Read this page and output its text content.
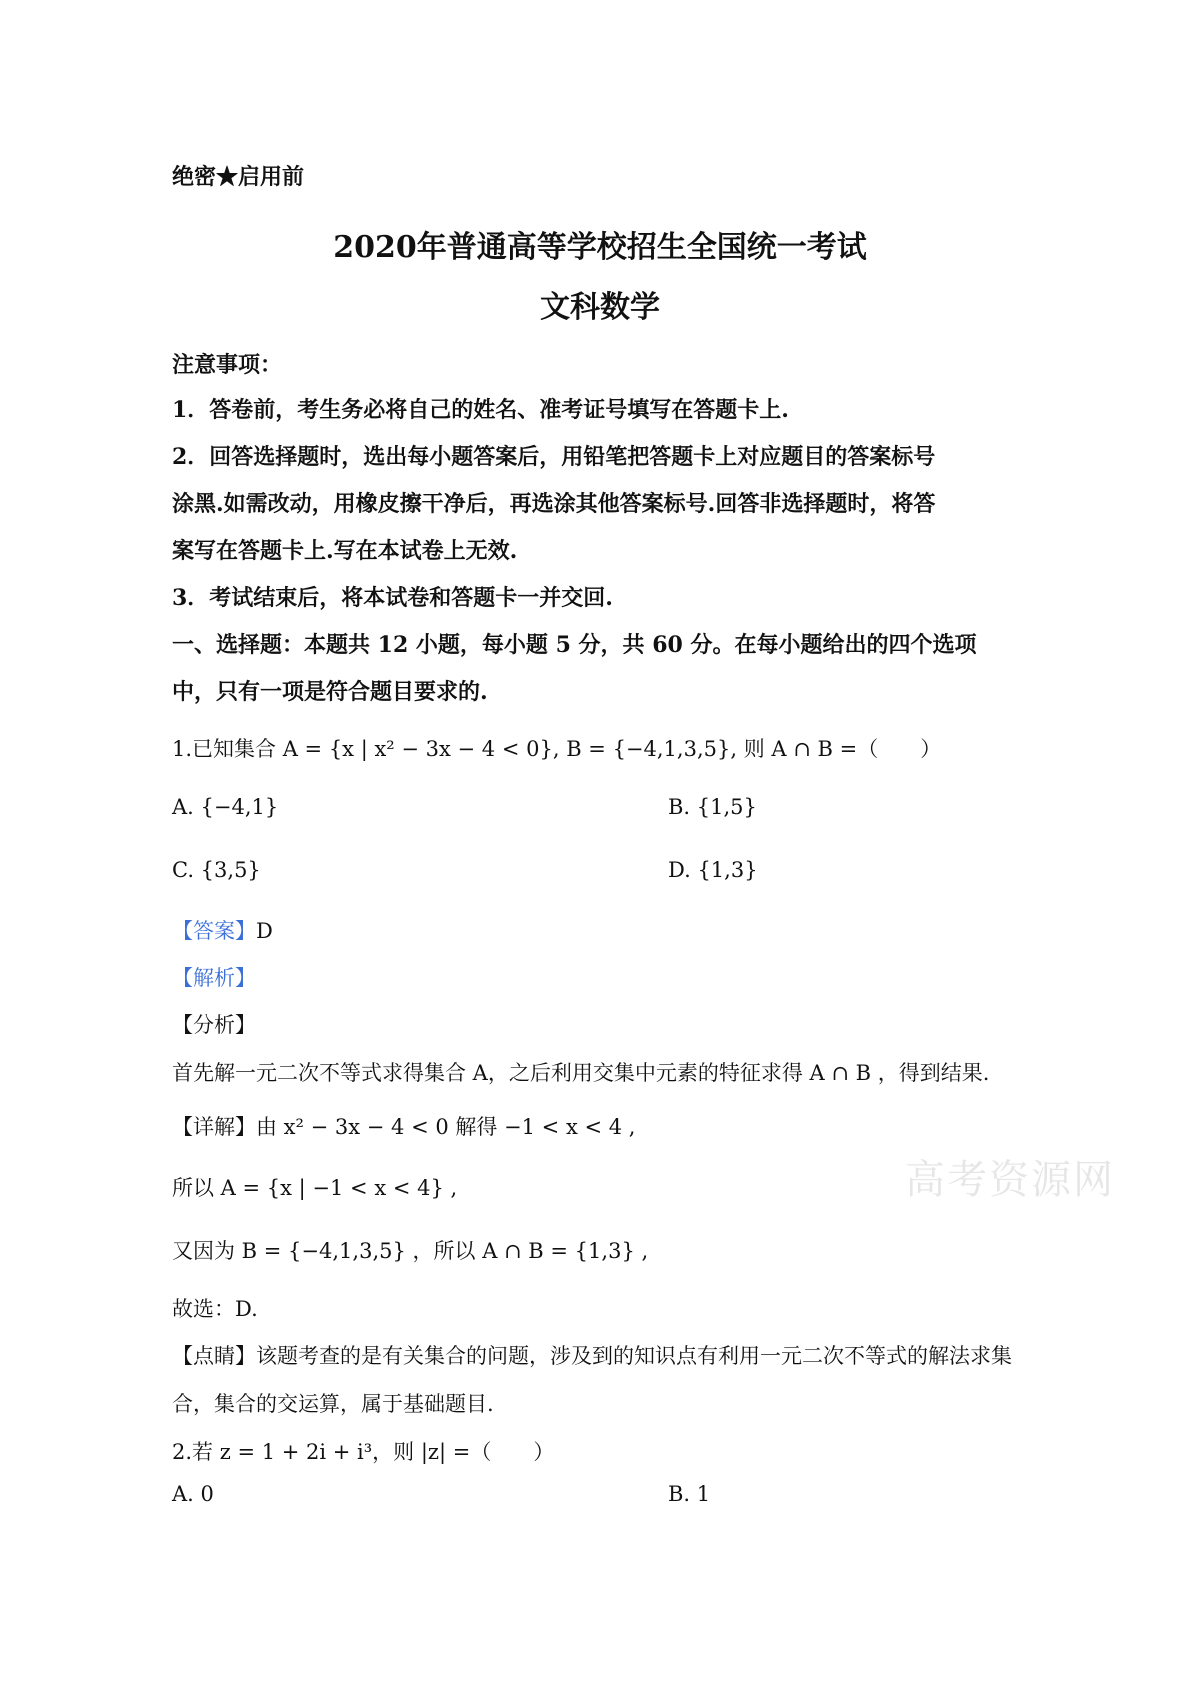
绝密★启用前
2020年普通高等学校招生全国统一考试
文科数学
注意事项：
1．答卷前，考生务必将自己的姓名、准考证号填写在答题卡上.
2．回答选择题时，选出每小题答案后，用铅笔把答题卡上对应题目的答案标号
涂黑.如需改动，用橡皮擦干净后，再选涂其他答案标号.回答非选择题时，将答
案写在答题卡上.写在本试卷上无效.
3．考试结束后，将本试卷和答题卡一并交回.
一、选择题：本题共 12 小题，每小题 5 分，共 60 分。在每小题给出的四个选项
中，只有一项是符合题目要求的.
1.已知集合 A = {x | x² − 3x − 4 < 0}, B = {−4,1,3,5}, 则 A ∩ B =（　　）
A. {−4,1}	B. {1,5}
C. {3,5}	D. {1,3}
【答案】D
【解析】
【分析】
首先解一元二次不等式求得集合 A，之后利用交集中元素的特征求得 A ∩ B ，得到结果.
【详解】由 x² − 3x − 4 < 0 解得 −1 < x < 4 ,
所以 A = {x | −1 < x < 4} ,
又因为 B = {−4,1,3,5} ，所以 A ∩ B = {1,3} ,
故选：D.
【点睛】该题考查的是有关集合的问题，涉及到的知识点有利用一元二次不等式的解法求集
合，集合的交运算，属于基础题目.
2.若 z = 1 + 2i + i³，则 |z| =（　　）
A. 0	B. 1
高考资源网
